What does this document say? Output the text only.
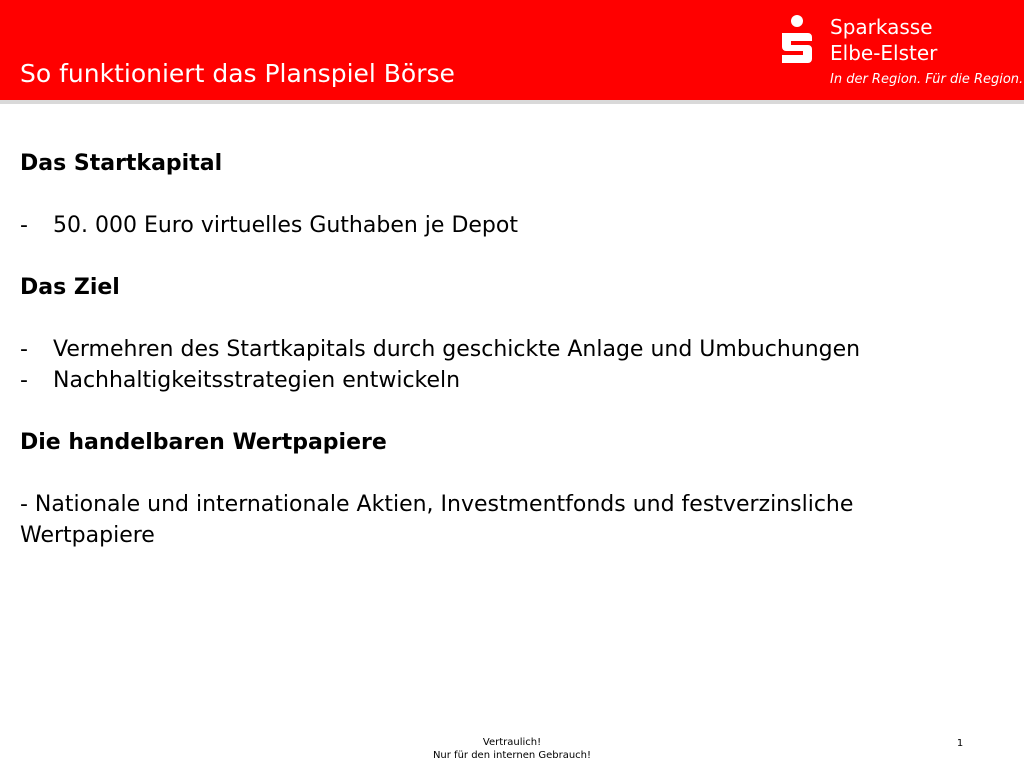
So funktioniert das Planspiel Börse
Sparkasse
Elbe-Elster
In der Region. Für die Region.
Das Startkapital
- 50. 000 Euro virtuelles Guthaben je Depot
Das Ziel
- Vermehren des Startkapitals durch geschickte Anlage und Umbuchungen
- Nachhaltigkeitsstrategien entwickeln
Die handelbaren Wertpapiere
- Nationale und internationale Aktien, Investmentfonds und festverzinsliche Wertpapiere
Vertraulich!
Nur für den internen Gebrauch!
1
